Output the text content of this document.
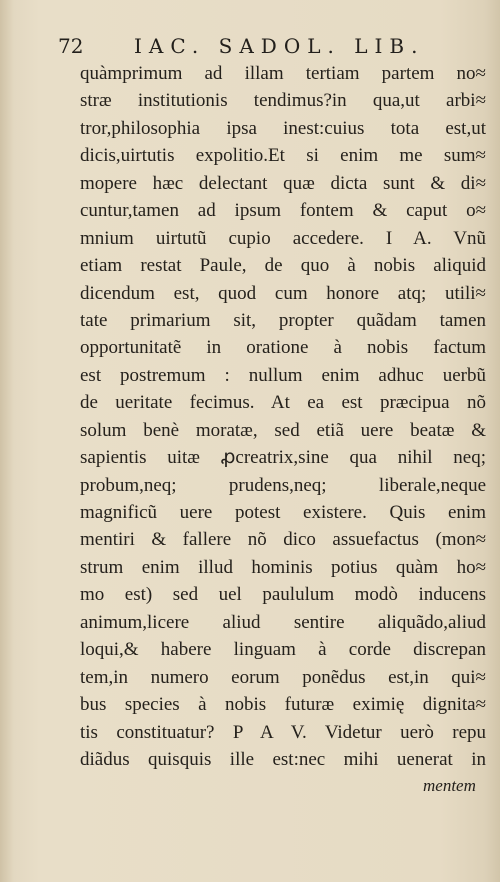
72	IAC. SADOL. LIB.
quàmprimum ad illam tertiam partem no≈
stræ institutionis tendimus?in qua,ut arbi≈
tror,philosophia ipsa inest:cuius tota est,ut
dicis,uirtutis expolitio.Et si enim me sum≈
mopere hæc delectant quæ dicta sunt & di≈
cuntur,tamen ad ipsum fontem & caput o≈
mnium uirtutũ cupio accedere. I A. Vnũ
etiam restat Paule, de quo à nobis aliquid
dicendum est, quod cum honore atq; utili≈
tate primarium sit, propter quãdam tamen
opportunitatẽ in oratione à nobis factum
est postremum : nullum enim adhuc uerbũ
de ueritate fecimus. At ea est præcipua nõ
solum benè moratæ, sed etiã uere beatæ &
sapientis uitæ ꝓcreatrix,sine qua nihil neq;
probum,neq; prudens,neq; liberale,neque
magnificũ uere potest existere. Quis enim
mentiri & fallere nõ dico assuefactus (mon≈
strum enim illud hominis potius quàm ho≈
mo est) sed uel paululum modò inducens
animum,licere aliud sentire aliquãdo,aliud
loqui,& habere linguam à corde discrepan
tem,in numero eorum ponẽdus est,in qui≈
bus species à nobis futuræ eximię dignita≈
tis constituatur? P A V. Videtur uerò repu
diãdus quisquis ille est:nec mihi uenerat in
mentem
